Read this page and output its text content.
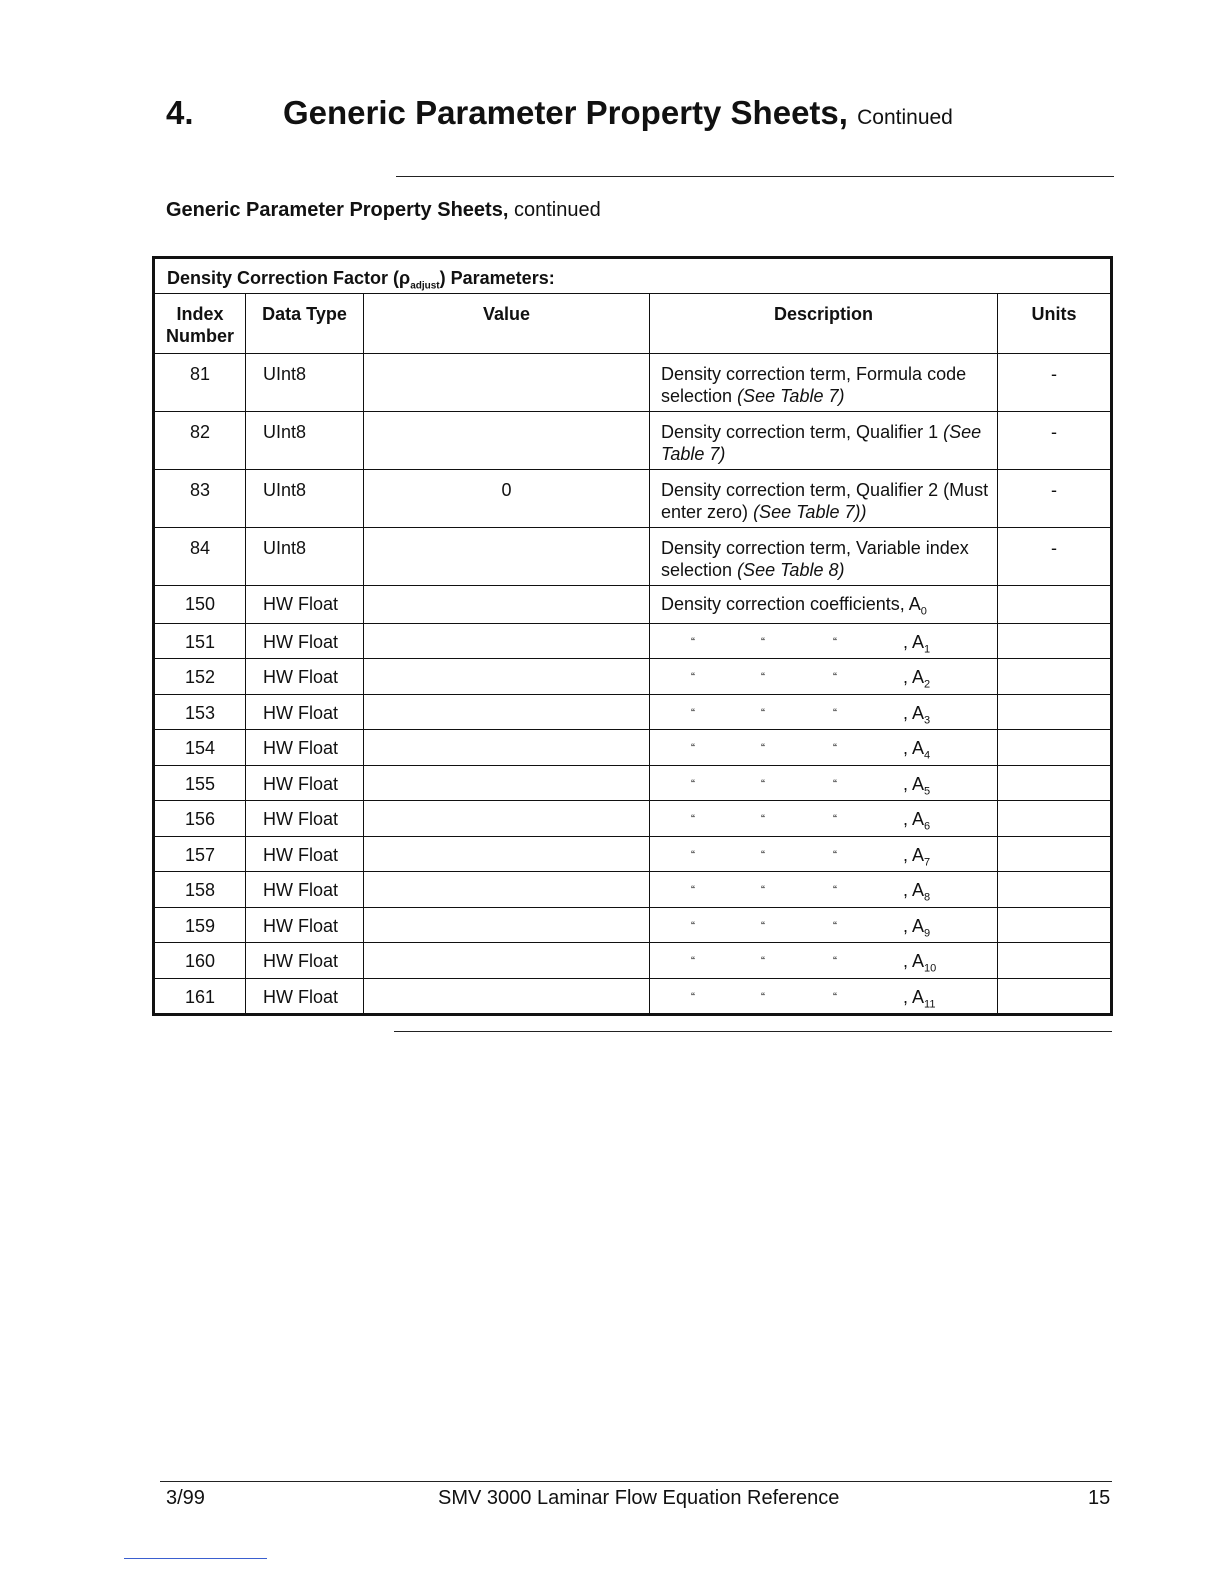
4.	Generic Parameter Property Sheets, Continued
Generic Parameter Property Sheets, continued
Density Correction Factor $(\rho_{adjust})$ Parameters:				
Index Number	Data Type	Value	Description	Units
81	UInt8		Density correction term, Formula code selection (See Table 7)	-
82	UInt8		Density correction term, Qualifier 1 (See Table 7)	-
83	UInt8	0	Density correction term, Qualifier 2 (Must enter zero) (See Table 7))	-
84	UInt8		Density correction term, Variable index selection (See Table 8)	-
150	HW Float		Density correction coefficients, $A_0$	
151	HW Float		“ “ “ , $A_1$

152	HW Float		“ “ “ , $A_2$

153	HW Float		“ “ “ , $A_3$

154	HW Float		“ “ “ , $A_4$

155	HW Float		“ “ “ , $A_5$

156	HW Float		“ “ “ , $A_6$

157	HW Float		“ “ “ , $A_7$

158	HW Float		“ “ “ , $A_8$

159	HW Float		“ “ “ , $A_9$

160	HW Float		“ “ “ , $A_{10}$

161	HW Float		“ “ “ , $A_{11}$

3/99	SMV 3000 Laminar Flow Equation Reference	15
